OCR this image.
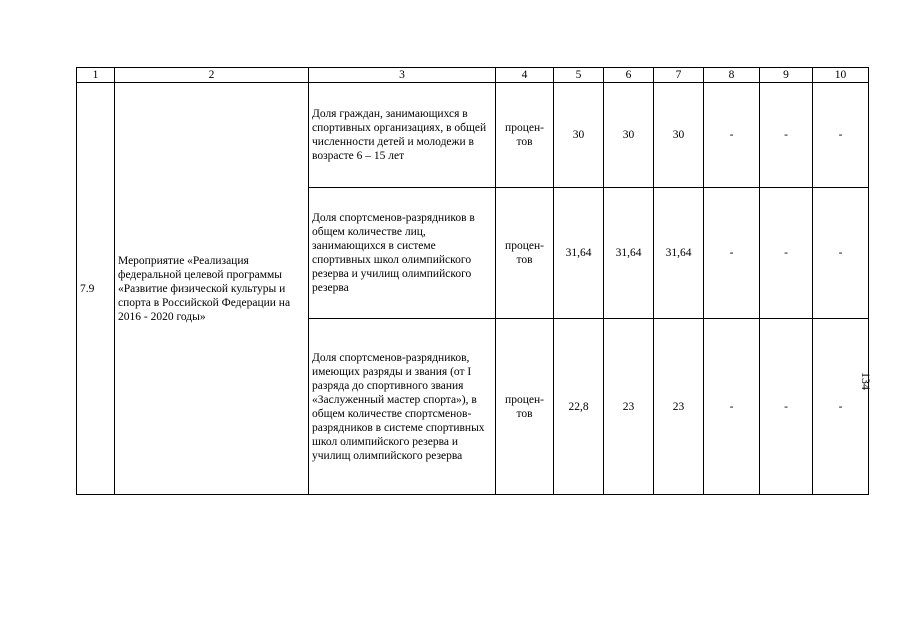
1	2	3	4	5	6	7	8	9	10
7.9	Мероприятие «Реализация федеральной целевой программы «Развитие физической культуры и спорта в Российской Федерации на 2016 - 2020 годы»	Доля граждан, занимающихся в спортивных организациях, в общей численности детей и молодежи в возрасте 6 – 15 лет	процен-тов	30	30	30	-	-	-
		Доля спортсменов-разрядников в общем количестве лиц, занимающихся в системе спортивных школ олимпийского резерва и училищ олимпийского резерва	процен-тов	31,64	31,64	31,64	-	-	-
		Доля спортсменов-разрядников, имеющих разряды и звания (от I разряда до спортивного звания «Заслуженный мастер спорта»), в общем количестве спортсменов-разрядников в системе спортивных школ олимпийского резерва и училищ олимпийского резерва	процен-тов	22,8	23	23	-	-	-
134
